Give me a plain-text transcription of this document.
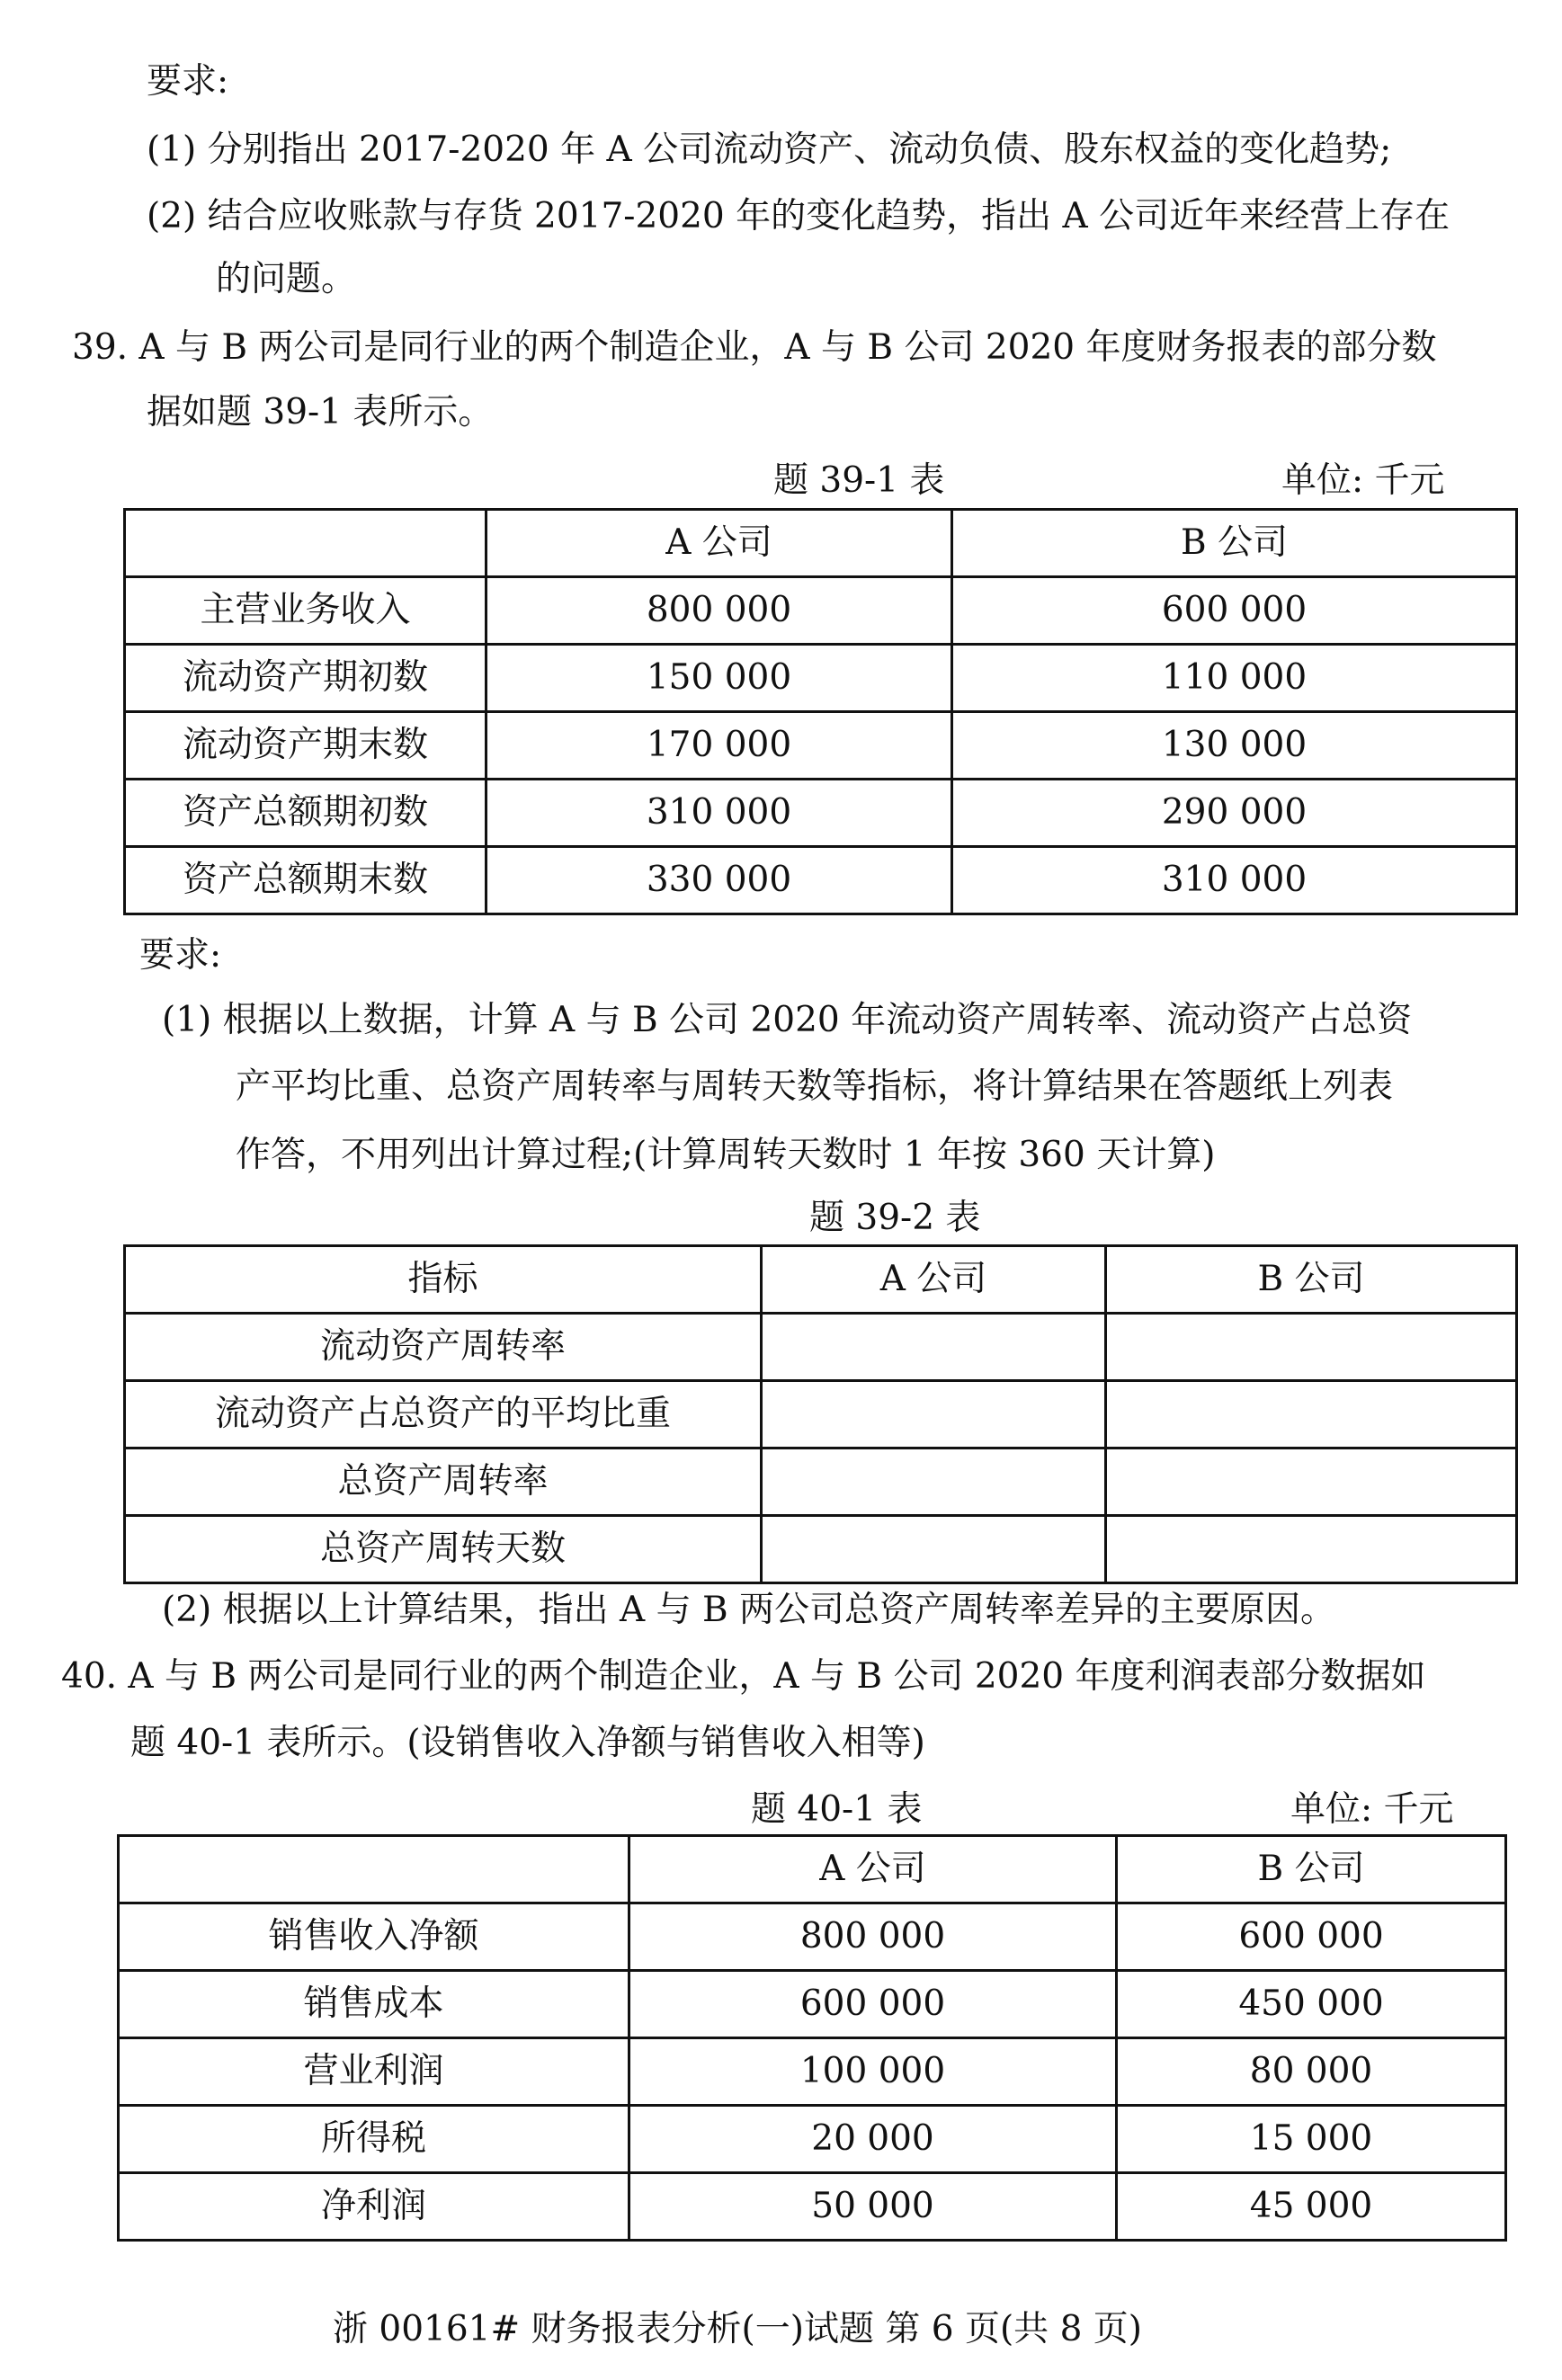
要求:
(1) 分别指出 2017-2020 年 A 公司流动资产、流动负债、股东权益的变化趋势;
(2) 结合应收账款与存货 2017-2020 年的变化趋势，指出 A 公司近年来经营上存在
的问题。
39. A 与 B 两公司是同行业的两个制造企业，A 与 B 公司 2020 年度财务报表的部分数
据如题 39-1 表所示。
题 39-1 表	单位: 千元
	A 公司	B 公司
主营业务收入	800 000	600 000
流动资产期初数	150 000	110 000
流动资产期末数	170 000	130 000
资产总额期初数	310 000	290 000
资产总额期末数	330 000	310 000
要求:
(1) 根据以上数据，计算 A 与 B 公司 2020 年流动资产周转率、流动资产占总资
产平均比重、总资产周转率与周转天数等指标，将计算结果在答题纸上列表
作答，不用列出计算过程;(计算周转天数时 1 年按 360 天计算)
题 39-2 表
指标	A 公司	B 公司
流动资产周转率		
流动资产占总资产的平均比重		
总资产周转率		
总资产周转天数		
(2) 根据以上计算结果，指出 A 与 B 两公司总资产周转率差异的主要原因。
40. A 与 B 两公司是同行业的两个制造企业，A 与 B 公司 2020 年度利润表部分数据如
题 40-1 表所示。(设销售收入净额与销售收入相等)
题 40-1 表	单位: 千元
	A 公司	B 公司
销售收入净额	800 000	600 000
销售成本	600 000	450 000
营业利润	100 000	80 000
所得税	20 000	15 000
净利润	50 000	45 000
浙 00161# 财务报表分析(一)试题 第 6 页(共 8 页)
